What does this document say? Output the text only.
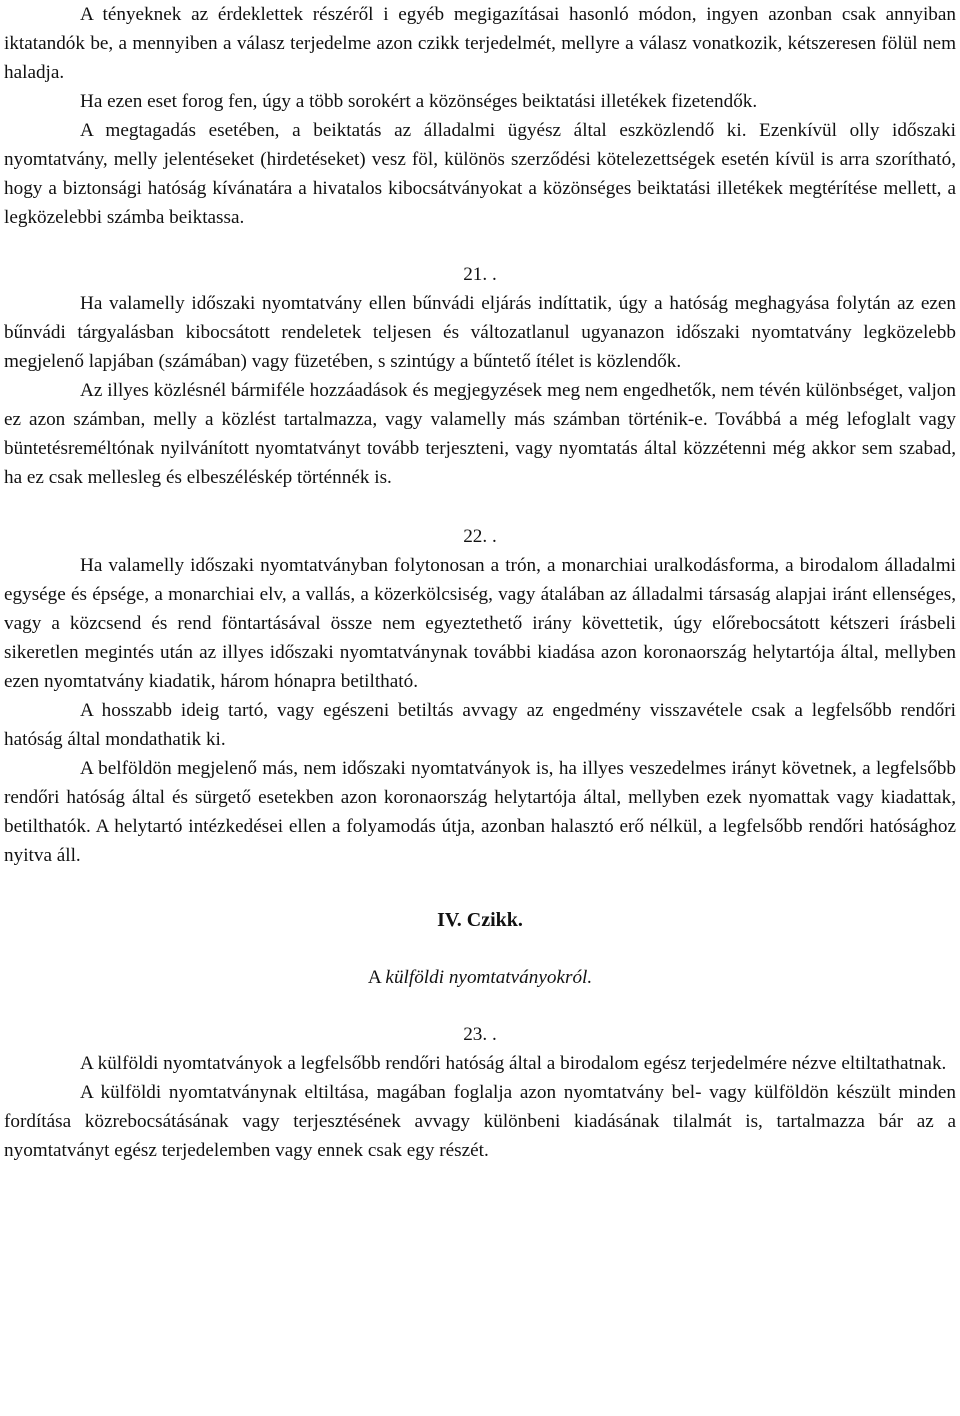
A tényeknek az érdeklettek részéről i egyéb megigazításai hasonló módon, ingyen azonban csak annyiban iktatandók be, a mennyiben a válasz terjedelme azon czikk terjedelmét, mellyre a válasz vonatkozik, kétszeresen fölül nem haladja.

Ha ezen eset forog fen, úgy a több sorokért a közönséges beiktatási illetékek fizetendők.

A megtagadás esetében, a beiktatás az álladalmi ügyész által eszközlendő ki. Ezenkívül olly időszaki nyomtatvány, melly jelentéseket (hirdetéseket) vesz föl, különös szerződési kötelezettségek esetén kívül is arra szorítható, hogy a biztonsági hatóság kívánatára a hivatalos kibocsátványokat a közönséges beiktatási illetékek megtérítése mellett, a legközelebbi számba beiktassa.

21. .

Ha valamelly időszaki nyomtatvány ellen bűnvádi eljárás indíttatik, úgy a hatóság meghagyása folytán az ezen bűnvádi tárgyalásban kibocsátott rendeletek teljesen és változatlanul ugyanazon időszaki nyomtatvány legközelebb megjelenő lapjában (számában) vagy füzetében, s szintúgy a bűntető ítélet is közlendők.

Az illyes közlésnél bármiféle hozzáadások és megjegyzések meg nem engedhetők, nem tévén különbséget, valjon ez azon számban, melly a közlést tartalmazza, vagy valamelly más számban történik-e. Továbbá a még lefoglalt vagy büntetésreméltónak nyilvánított nyomtatványt tovább terjeszteni, vagy nyomtatás által közzétenni még akkor sem szabad, ha ez csak mellesleg és elbeszéléskép történnék is.

22. .

Ha valamelly időszaki nyomtatványban folytonosan a trón, a monarchiai uralkodásforma, a birodalom álladalmi egysége és épsége, a monarchiai elv, a vallás, a közerkölcsiség, vagy átalában az álladalmi társaság alapjai iránt ellenséges, vagy a közcsend és rend föntartásával össze nem egyeztethető irány követtetik, úgy előrebocsátott kétszeri írásbeli sikeretlen megintés után az illyes időszaki nyomtatványnak további kiadása azon koronaország helytartója által, mellyben ezen nyomtatvány kiadatik, három hónapra betiltható.

A hosszabb ideig tartó, vagy egészeni betiltás avvagy az engedmény visszavétele csak a legfelsőbb rendőri hatóság által mondathatik ki.

A belföldön megjelenő más, nem időszaki nyomtatványok is, ha illyes veszedelmes irányt követnek, a legfelsőbb rendőri hatóság által és sürgető esetekben azon koronaország helytartója által, mellyben ezek nyomattak vagy kiadattak, betilthatók. A helytartó intézkedései ellen a folyamodás útja, azonban halasztó erő nélkül, a legfelsőbb rendőri hatósághoz nyitva áll.

IV. Czikk.

A külföldi nyomtatványokról.

23. .

A külföldi nyomtatványok a legfelsőbb rendőri hatóság által a birodalom egész terjedelmére nézve eltiltathatnak.

A külföldi nyomtatványnak eltiltása, magában foglalja azon nyomtatvány bel- vagy külföldön készült minden fordítása közrebocsátásának vagy terjesztésének avvagy különbeni kiadásának tilalmát is, tartalmazza bár az a nyomtatványt egész terjedelemben vagy ennek csak egy részét.
